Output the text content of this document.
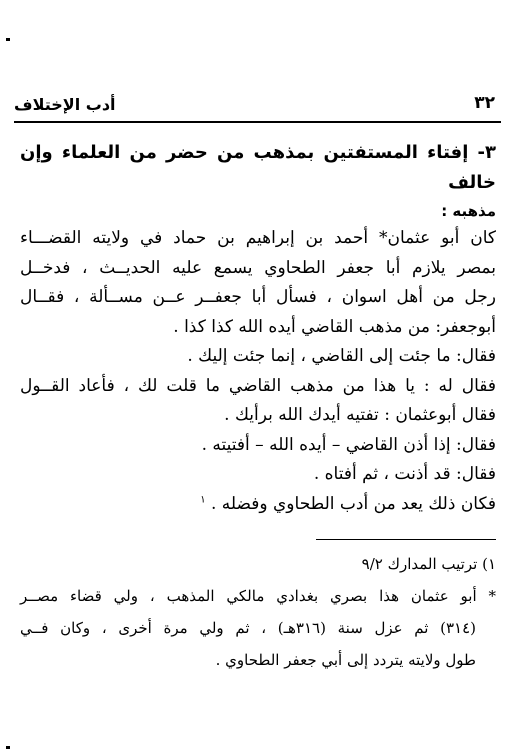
أدب الإختلاف	٣٢
٣- إفتاء المستفتين بمذهب من حضر من العلماء وإن خالف
مذهبه :
كان أبو عثمان* أحمد بن إبراهيم بن حماد في ولايته القضـــاء
بمصر يلازم أبا جعفر الطحاوي يسمع عليه الحديــث ، فدخــل
رجل من أهل اسوان ، فسأل أبا جعفــر عــن مســألة ، فقــال
أبوجعفر: من مذهب القاضي أيده الله كذا كذا .
فقال: ما جئت إلى القاضي ، إنما جئت إليك .
فقال له : يا هذا من مذهب القاضي ما قلت لك ، فأعاد القــول
فقال أبوعثمان : تفتيه أيدك الله برأيك .
فقال: إذا أذن القاضي – أيده الله – أفتيته .
فقال: قد أذنت ، ثم أفتاه .
فكان ذلك يعد من أدب الطحاوي وفضله . $^١$
١) ترتيب المدارك ٩/٢
* أبو عثمان هذا بصري بغدادي مالكي المذهب ، ولي قضاء مصــر
(٣١٤) ثم عزل سنة (٣١٦هـ) ، ثم ولي مرة أخرى ، وكان فــي
طول ولايته يتردد إلى أبي جعفر الطحاوي .
